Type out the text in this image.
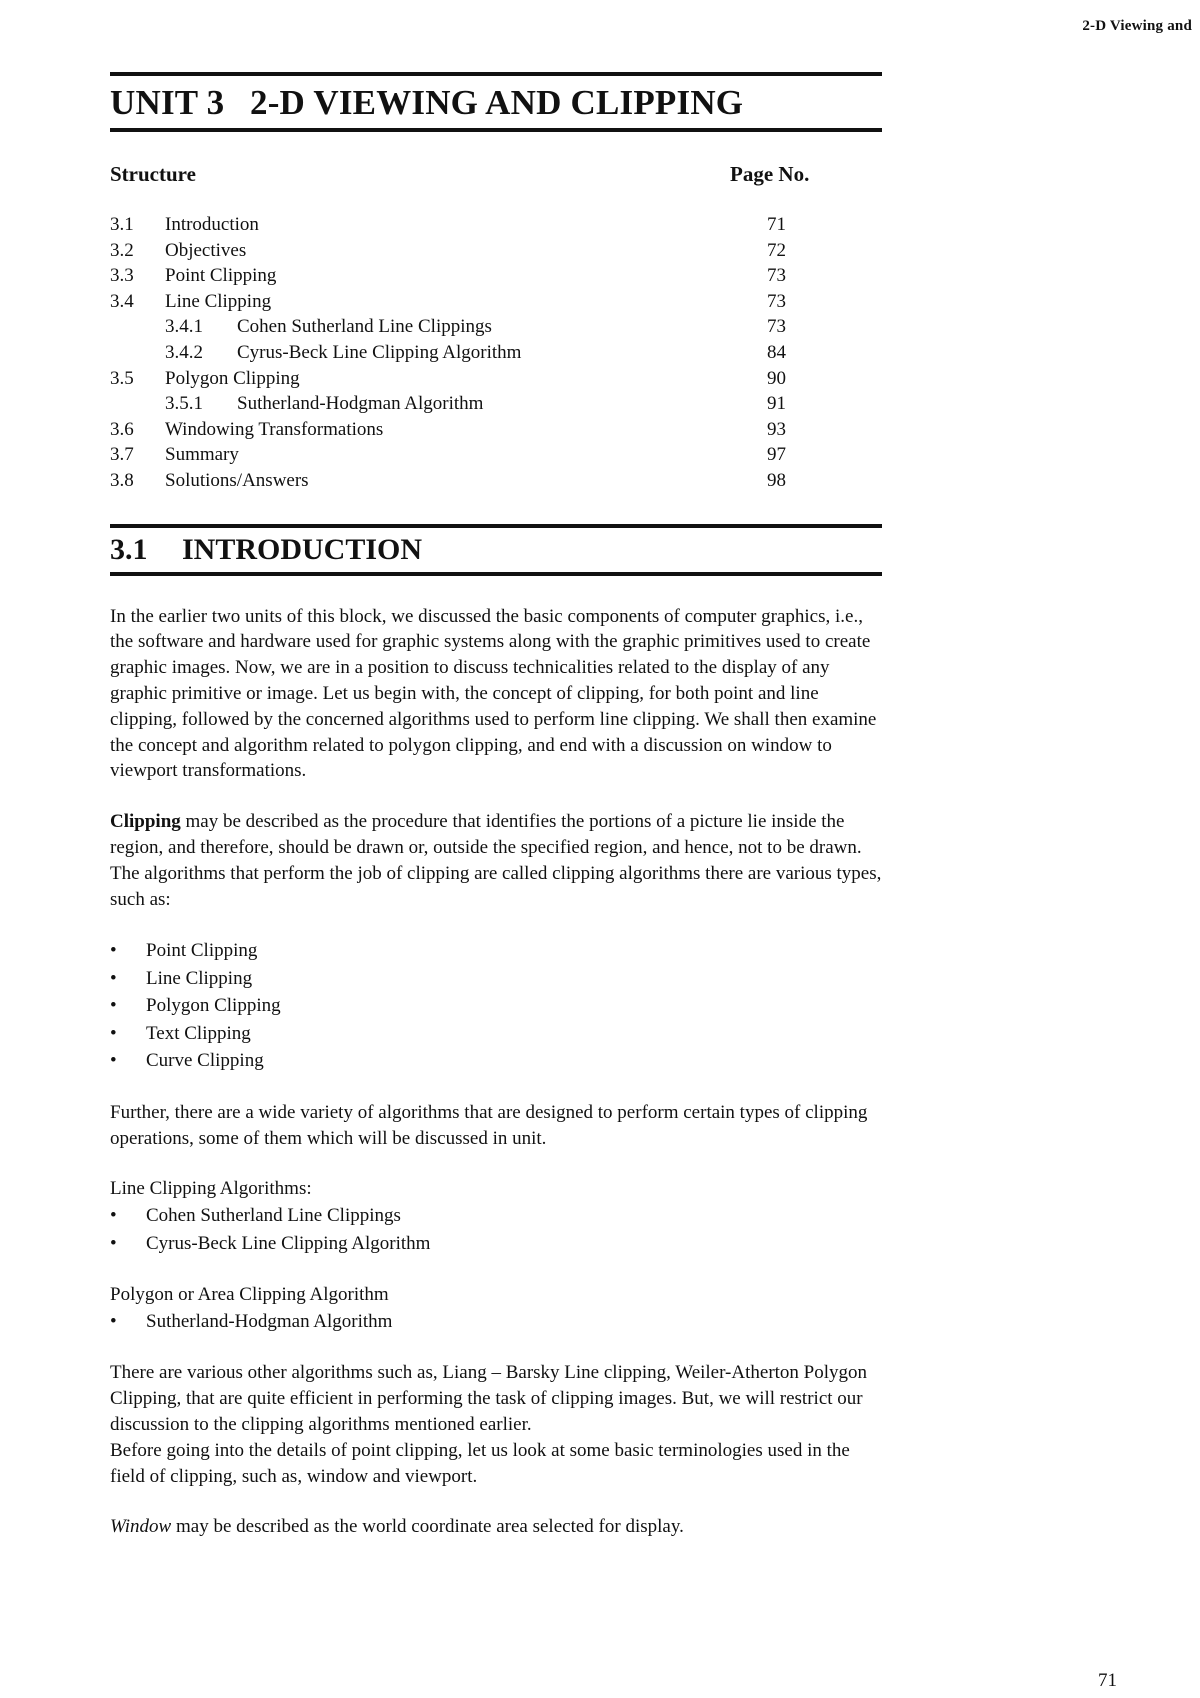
2-D Viewing and
UNIT 3 2-D VIEWING AND CLIPPING
Structure	Page No.
3.1 Introduction	71
3.2 Objectives	72
3.3 Point Clipping	73
3.4 Line Clipping	73
3.4.1 Cohen Sutherland Line Clippings	73
3.4.2 Cyrus-Beck Line Clipping Algorithm	84
3.5 Polygon Clipping	90
3.5.1 Sutherland-Hodgman Algorithm	91
3.6 Windowing Transformations	93
3.7 Summary	97
3.8 Solutions/Answers	98
3.1 INTRODUCTION

In the earlier two units of this block, we discussed the basic components of computer graphics, i.e., the software and hardware used for graphic systems along with the graphic primitives used to create graphic images. Now, we are in a position to discuss technicalities related to the display of any graphic primitive or image. Let us begin with, the concept of clipping, for both point and line clipping, followed by the concerned algorithms used to perform line clipping. We shall then examine the concept and algorithm related to polygon clipping, and end with a discussion on window to viewport transformations.

Clipping may be described as the procedure that identifies the portions of a picture lie inside the region, and therefore, should be drawn or, outside the specified region, and hence, not to be drawn. The algorithms that perform the job of clipping are called clipping algorithms there are various types, such as:

• Point Clipping
• Line Clipping
• Polygon Clipping
• Text Clipping
• Curve Clipping

Further, there are a wide variety of algorithms that are designed to perform certain types of clipping operations, some of them which will be discussed in unit.

Line Clipping Algorithms:

• Cohen Sutherland Line Clippings
• Cyrus-Beck Line Clipping Algorithm

Polygon or Area Clipping Algorithm

• Sutherland-Hodgman Algorithm

There are various other algorithms such as, Liang – Barsky Line clipping, Weiler-Atherton Polygon Clipping, that are quite efficient in performing the task of clipping images. But, we will restrict our discussion to the clipping algorithms mentioned earlier.

Before going into the details of point clipping, let us look at some basic terminologies used in the field of clipping, such as, window and viewport.

Window may be described as the world coordinate area selected for display.

71
